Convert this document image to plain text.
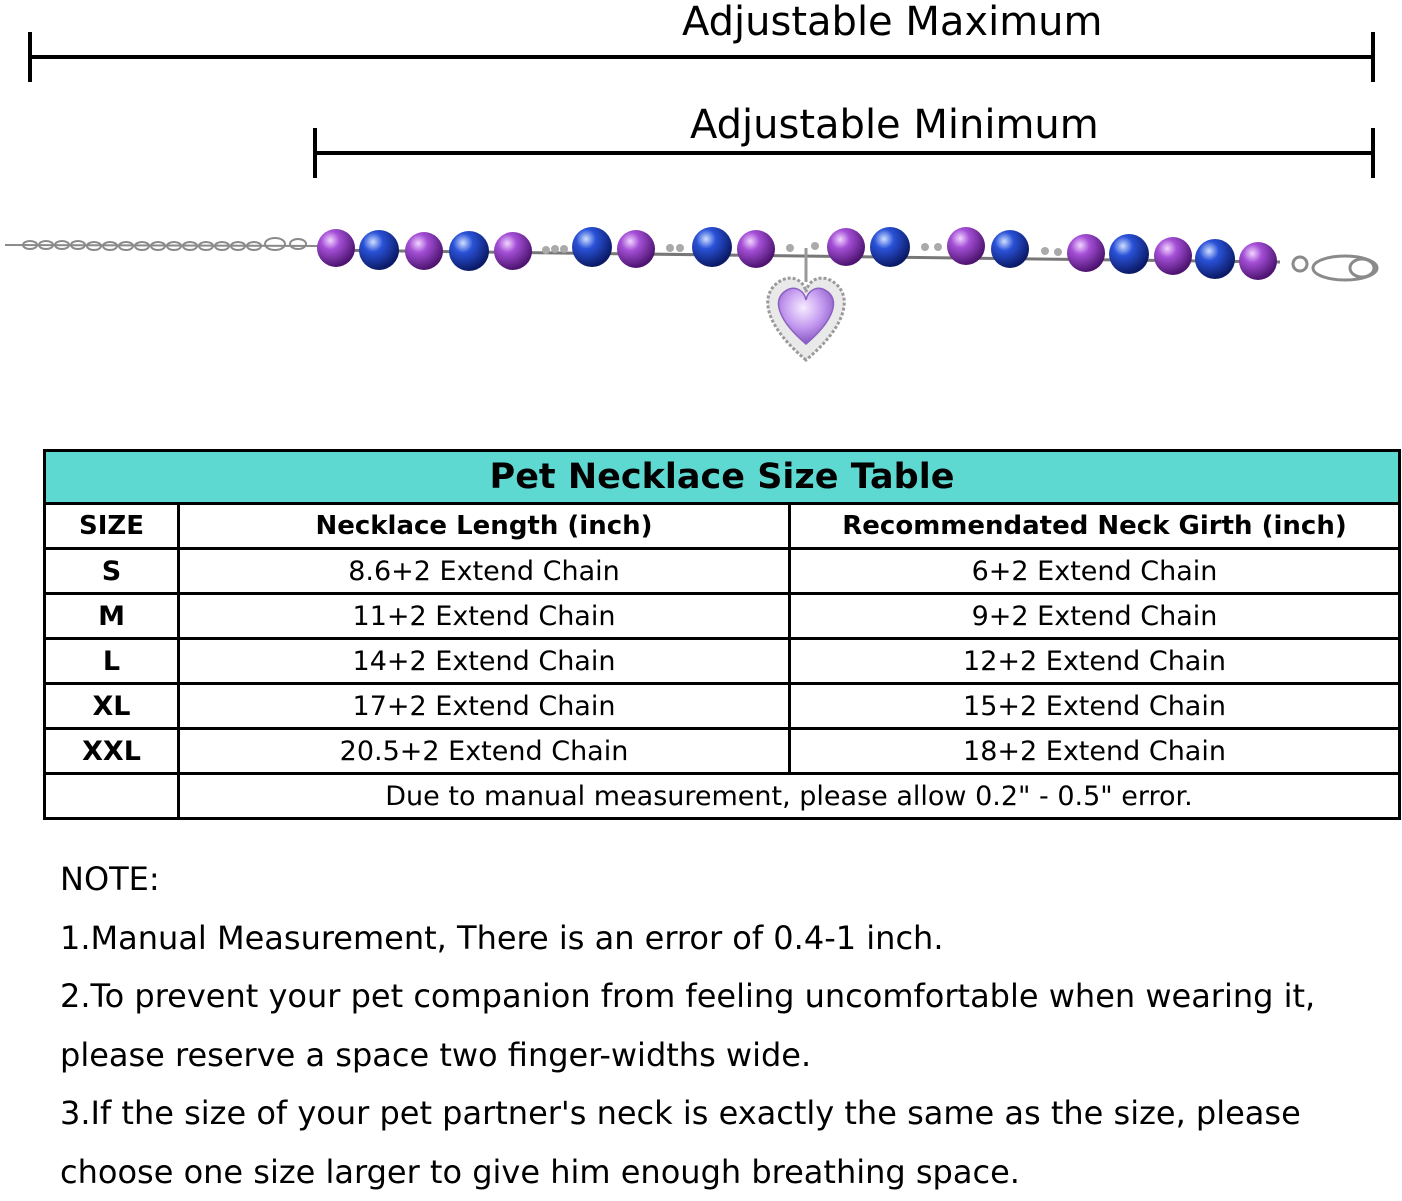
Adjustable Maximum
Adjustable Minimum
Pet Necklace Size Table		
SIZE	Necklace Length (inch)	Recommendated Neck Girth (inch)
S	8.6+2 Extend Chain	6+2 Extend Chain
M	11+2 Extend Chain	9+2 Extend Chain
L	14+2 Extend Chain	12+2 Extend Chain
XL	17+2 Extend Chain	15+2 Extend Chain
XXL	20.5+2 Extend Chain	18+2 Extend Chain
	Due to manual measurement, please allow 0.2" - 0.5" error.	

NOTE:

1.Manual Measurement, There is an error of 0.4-1 inch.

2.To prevent your pet companion from feeling uncomfortable when wearing it, please reserve a space two finger-widths wide.

3.If the size of your pet partner's neck is exactly the same as the size, please choose one size larger to give him enough breathing space.
